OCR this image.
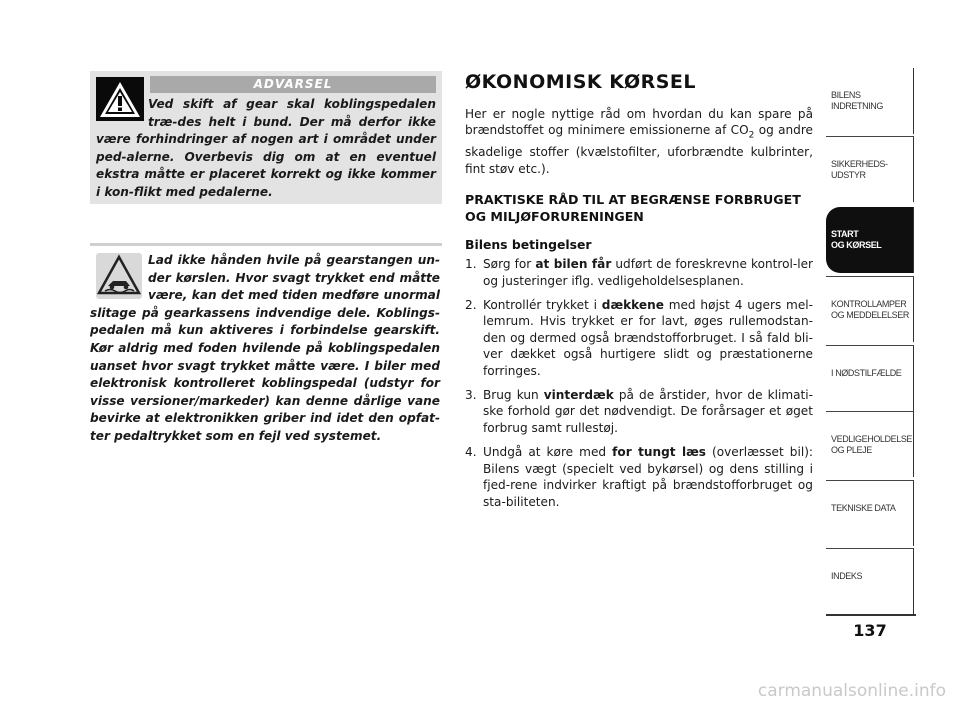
ADVARSEL

Ved skift af gear skal koblingspedalen træ-des helt i bund. Der må derfor ikke være forhindringer af nogen art i området under ped-alerne. Overbevis dig om at en eventuel ekstra måtte er placeret korrekt og ikke kommer i kon-flikt med pedalerne.

Lad ikke hånden hvile på gearstangen un-der kørslen. Hvor svagt trykket end måtte være, kan det med tiden medføre unormal slitage på gearkassens indvendige dele. Koblings-pedalen må kun aktiveres i forbindelse gearskift. Kør aldrig med foden hvilende på koblingspedalen uanset hvor svagt trykket måtte være. I biler med elektronisk kontrolleret koblingspedal (udstyr for visse versioner/markeder) kan denne dårlige vane bevirke at elektronikken griber ind idet den opfat-ter pedaltrykket som en fejl ved systemet.

ØKONOMISK KØRSEL

Her er nogle nyttige råd om hvordan du kan spare på brændstoffet og minimere emissionerne af $CO_2$ og andre skadelige stoffer (kvælstofilter, uforbrændte kulbrinter, fint støv etc.).

PRAKTISKE RÅD TIL AT BEGRÆNSE FORBRUGET OG MILJØFORURENINGEN
Bilens betingelser
1. Sørg for at bilen får udført de foreskrevne kontrol-ler og justeringer iflg. vedligeholdelsesplanen.
2. Kontrollér trykket i dækkene med højst 4 ugers mel-lemrum. Hvis trykket er for lavt, øges rullemodstan-den og dermed også brændstofforbruget. I så fald bli-ver dækket også hurtigere slidt og præstationerne forringes.
3. Brug kun vinterdæk på de årstider, hvor de klimati-ske forhold gør det nødvendigt. De forårsager et øget forbrug samt rullestøj.
4. Undgå at køre med for tungt læs (overlæsset bil): Bilens vægt (specielt ved bykørsel) og dens stilling i fjed-rene indvirker kraftigt på brændstofforbruget og sta-biliteten.
BILENS
INDRETNING
SIKKERHEDS-
UDSTYR
START
OG KØRSEL
KONTROLLAMPER
OG MEDDELELSER
I NØDSTILFÆLDE
VEDLIGEHOLDELSE
OG PLEJE
TEKNISKE DATA
INDEKS
137
carmanualsonline.info
